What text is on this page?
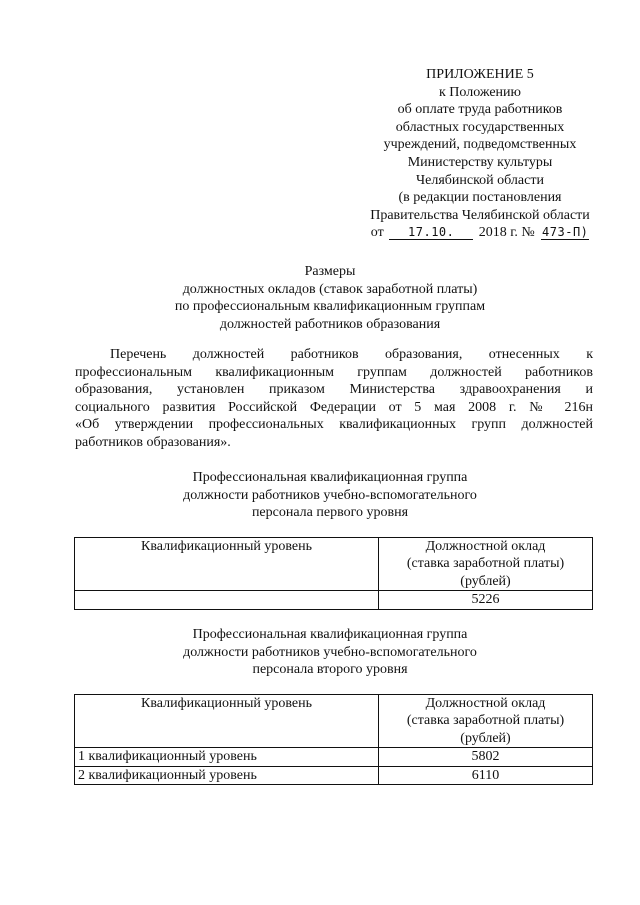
ПРИЛОЖЕНИЕ 5
к Положению
об оплате труда работников
областных государственных
учреждений, подведомственных
Министерству культуры
Челябинской области
(в редакции постановления
Правительства Челябинской области
от 17.10. 2018 г. № 473-П)
Размеры
должностных окладов (ставок заработной платы)
по профессиональным квалификационным группам
должностей работников образования
Перечень должностей работников образования, отнесенных к
профессиональным квалификационным группам должностей работников
образования, установлен приказом Министерства здравоохранения и
социального развития Российской Федерации от 5 мая 2008 г. № 216н
«Об утверждении профессиональных квалификационных групп должностей
работников образования».
Профессиональная квалификационная группа
должности работников учебно-вспомогательного
персонала первого уровня
Квалификационный уровень	Должностной оклад
(ставка заработной платы)
(рублей)

	5226
Профессиональная квалификационная группа
должности работников учебно-вспомогательного
персонала второго уровня
Квалификационный уровень	Должностной оклад
(ставка заработной платы)
(рублей)

1 квалификационный уровень	5802
2 квалификационный уровень	6110
